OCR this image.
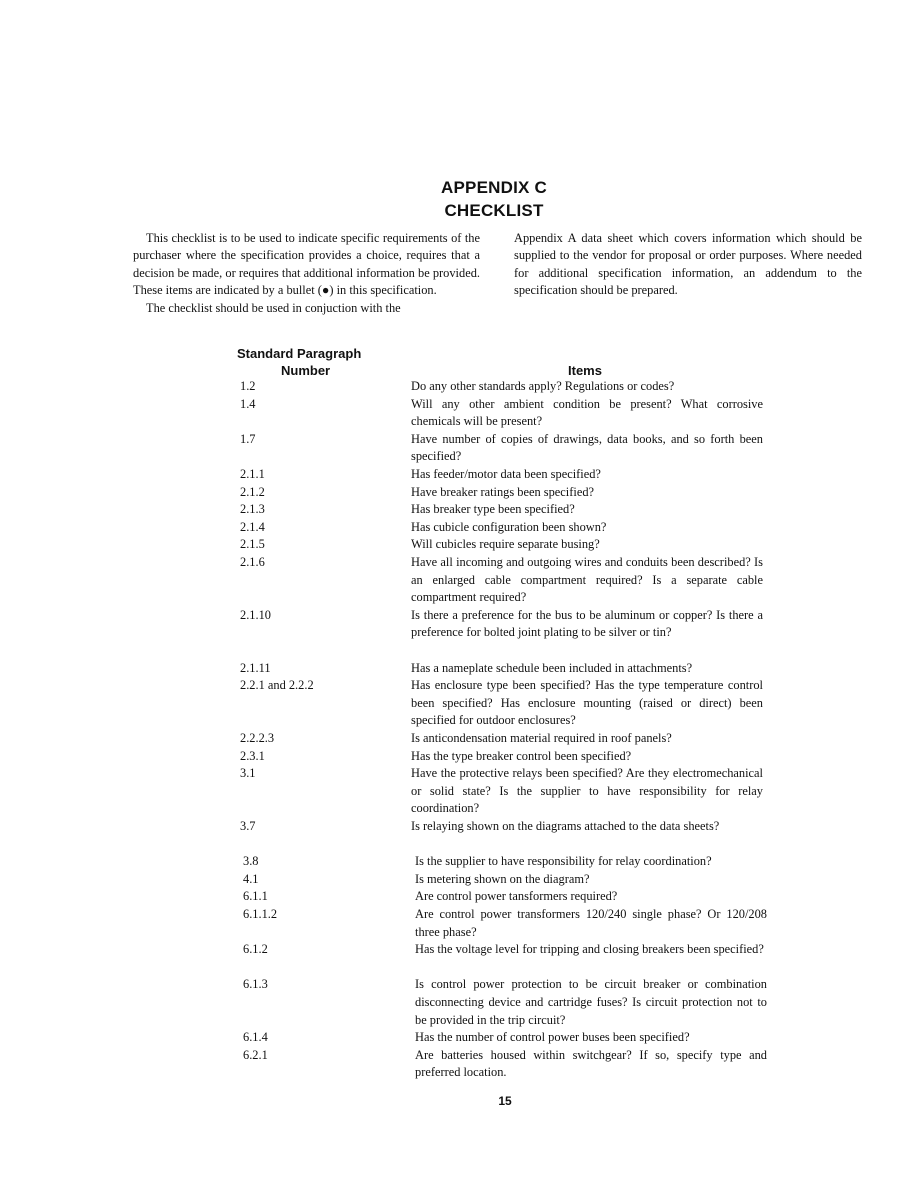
APPENDIX C
CHECKLIST

This checklist is to be used to indicate specific requirements of the purchaser where the specification provides a choice, requires that a decision be made, or requires that additional information be provided. These items are indicated by a bullet (●) in this specification.

The checklist should be used in conjuction with the

Appendix A data sheet which covers information which should be supplied to the vendor for proposal or order purposes. Where needed for additional specification information, an addendum to the specification should be prepared.

Standard Paragraph
Number	Items
1.2	Do any other standards apply? Regulations or codes?
1.4	Will any other ambient condition be present? What corrosive chemicals will be present?
1.7	Have number of copies of drawings, data books, and so forth been specified?
2.1.1	Has feeder/motor data been specified?
2.1.2	Have breaker ratings been specified?
2.1.3	Has breaker type been specified?
2.1.4	Has cubicle configuration been shown?
2.1.5	Will cubicles require separate busing?
2.1.6	Have all incoming and outgoing wires and conduits been described? Is an enlarged cable compartment required? Is a separate cable compartment required?
2.1.10	Is there a preference for the bus to be aluminum or copper? Is there a preference for bolted joint plating to be silver or tin?
2.1.11	Has a nameplate schedule been included in attachments?
2.2.1 and 2.2.2	Has enclosure type been specified? Has the type temperature control been specified? Has enclosure mounting (raised or direct) been specified for outdoor enclosures?
2.2.2.3	Is anticondensation material required in roof panels?
2.3.1	Has the type breaker control been specified?
3.1	Have the protective relays been specified? Are they electromechanical or solid state? Is the supplier to have responsibility for relay coordination?
3.7	Is relaying shown on the diagrams attached to the data sheets?
3.8	Is the supplier to have responsibility for relay coordination?
4.1	Is metering shown on the diagram?
6.1.1	Are control power tansformers required?
6.1.1.2	Are control power transformers 120/240 single phase? Or 120/208 three phase?
6.1.2	Has the voltage level for tripping and closing breakers been specified?
6.1.3	Is control power protection to be circuit breaker or combination disconnecting device and cartridge fuses? Is circuit protection not to be provided in the trip circuit?
6.1.4	Has the number of control power buses been specified?
6.2.1	Are batteries housed within switchgear? If so, specify type and preferred location.
15
